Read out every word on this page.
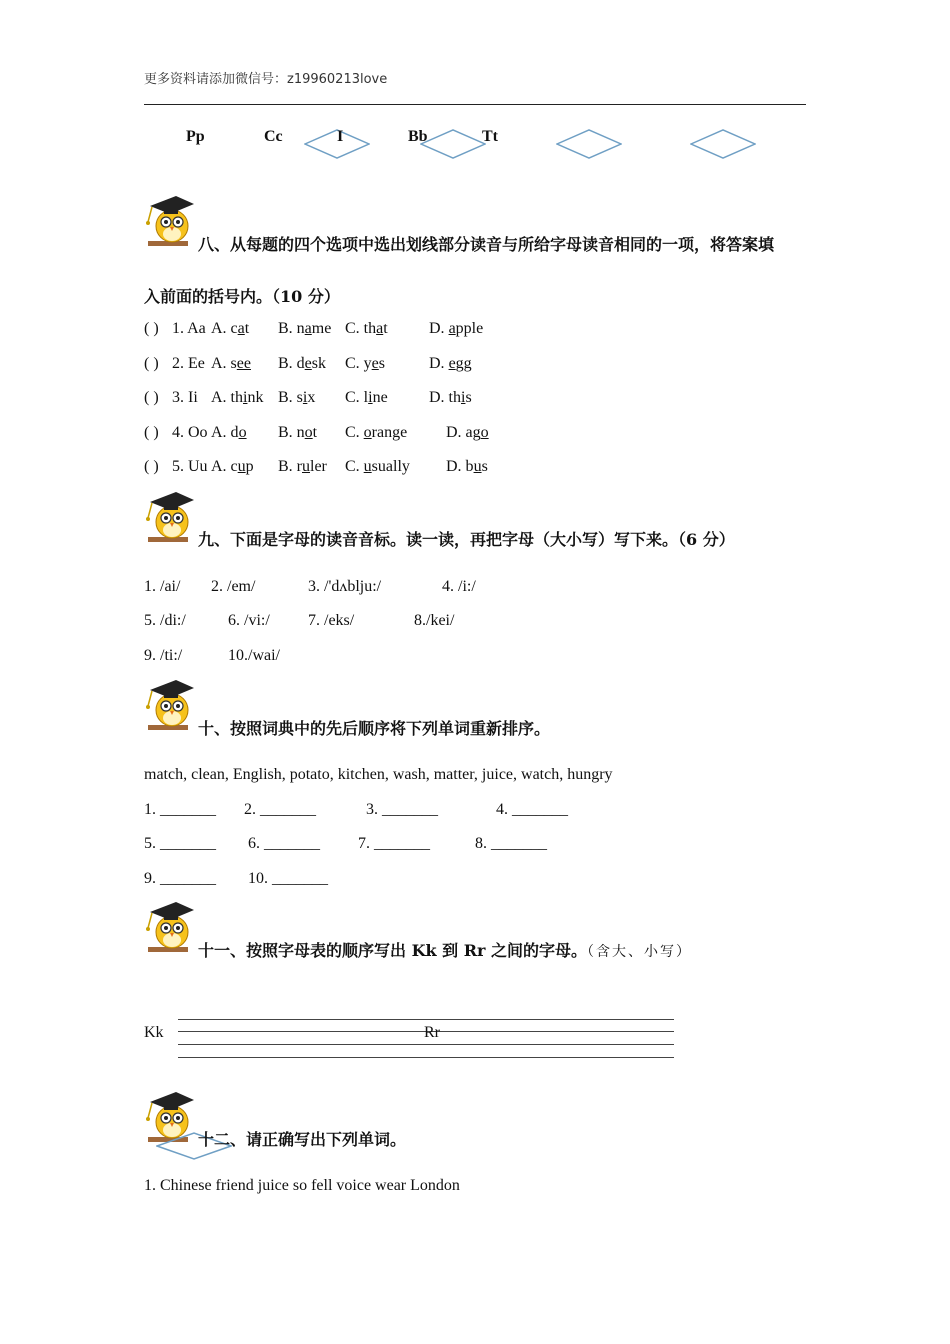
更多资料请添加微信号：z19960213love
Pp	Cc	I	Bb	Tt
八、从每题的四个选项中选出划线部分读音与所给字母读音相同的一项，将答案填
入前面的括号内。（10 分）
( ) 1. Aa A. cat B. name C. that	D. apple
( ) 2. Ee A. see B. desk C. yes	D. egg
( ) 3. Ii A. think B. six C. line	D. this
( ) 4. Oo A. do B. not C. orange D. ago
( ) 5. Uu A. cup B. ruler C. usually D. bus
九、下面是字母的读音音标。读一读，再把字母（大小写）写下来。（6 分）
1. /ai/ 2. /em/	3. /'dʌblju:/	4. /i:/
5. /di:/	6. /vi:/ 7. /eks/	8./kei/
9. /ti:/	10./wai/
十、按照词典中的先后顺序将下列单词重新排序。
match, clean, English, potato, kitchen, wash, matter, juice, watch, hungry
1. _______ 2. _______	3. _______	4. _______
5. _______ 6. _______ 7. _______	8. _______
9. _______ 10. _______
十一、按照字母表的顺序写出 Kk 到 Rr 之间的字母。（含大、小写）
Kk	Rr
十二、请正确写出下列单词。
1. Chinese friend juice so fell voice wear London
